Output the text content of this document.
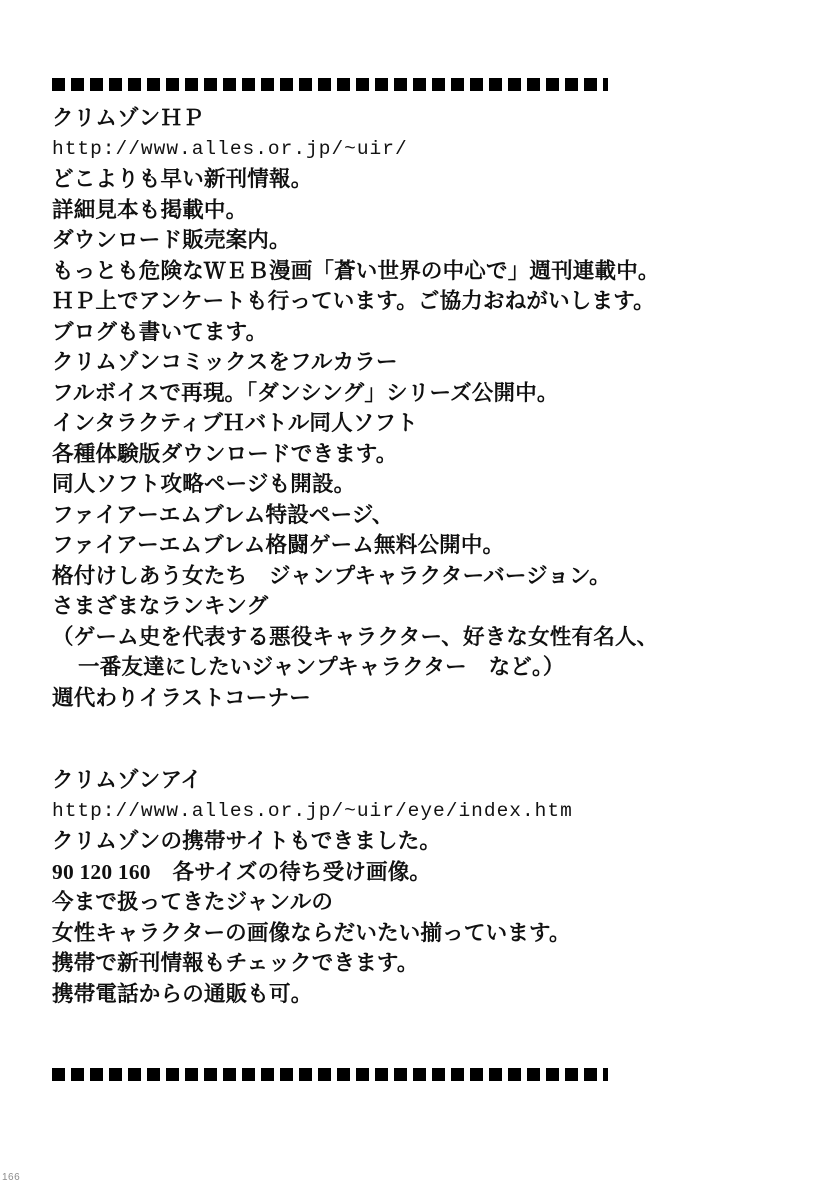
クリムゾンＨＰ
http://www.alles.or.jp/~uir/
どこよりも早い新刊情報。
詳細見本も掲載中。
ダウンロード販売案内。
もっとも危険なＷＥＢ漫画「蒼い世界の中心で」週刊連載中。
ＨＰ上でアンケートも行っています。ご協力おねがいします。
ブログも書いてます。
クリムゾンコミックスをフルカラー
フルボイスで再現。「ダンシング」シリーズ公開中。
インタラクティブＨバトル同人ソフト
各種体験版ダウンロードできます。
同人ソフト攻略ページも開設。
ファイアーエムブレム特設ページ、
ファイアーエムブレム格闘ゲーム無料公開中。
格付けしあう女たち　ジャンプキャラクターバージョン。
さまざまなランキング
（ゲーム史を代表する悪役キャラクター、好きな女性有名人、
一番友達にしたいジャンプキャラクター　など。）
週代わりイラストコーナー
クリムゾンアイ
http://www.alles.or.jp/~uir/eye/index.htm
クリムゾンの携帯サイトもできました。
90 120 160　各サイズの待ち受け画像。
今まで扱ってきたジャンルの
女性キャラクターの画像ならだいたい揃っています。
携帯で新刊情報もチェックできます。
携帯電話からの通販も可。
166
